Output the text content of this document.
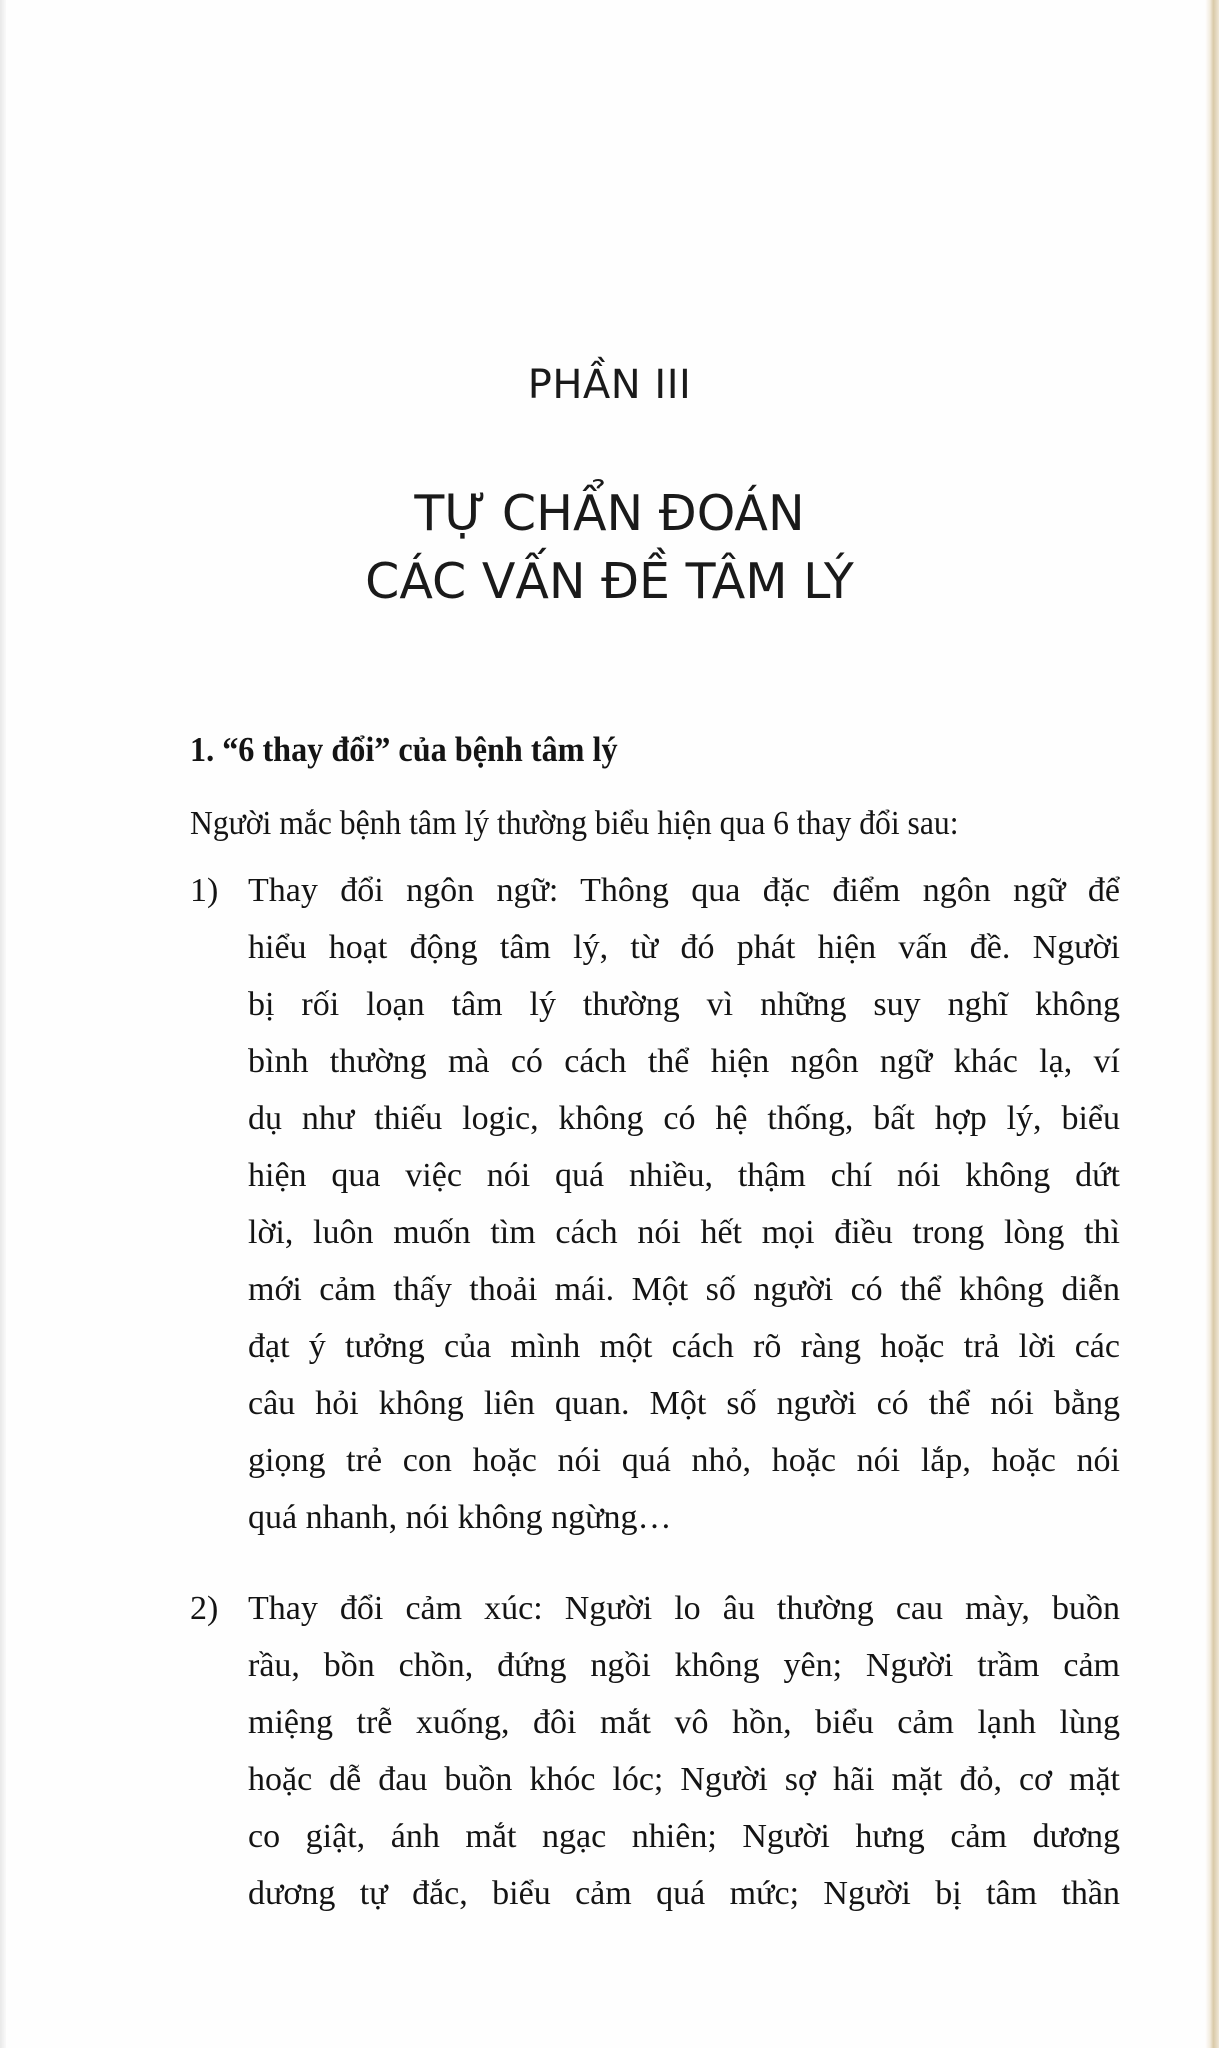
PHẦN III
TỰ CHẨN ĐOÁN
CÁC VẤN ĐỀ TÂM LÝ
1. “6 thay đổi” của bệnh tâm lý
Người mắc bệnh tâm lý thường biểu hiện qua 6 thay đổi sau:
1) Thay đổi ngôn ngữ: Thông qua đặc điểm ngôn ngữ để
hiểu hoạt động tâm lý, từ đó phát hiện vấn đề. Người
bị rối loạn tâm lý thường vì những suy nghĩ không
bình thường mà có cách thể hiện ngôn ngữ khác lạ, ví
dụ như thiếu logic, không có hệ thống, bất hợp lý, biểu
hiện qua việc nói quá nhiều, thậm chí nói không dứt
lời, luôn muốn tìm cách nói hết mọi điều trong lòng thì
mới cảm thấy thoải mái. Một số người có thể không diễn
đạt ý tưởng của mình một cách rõ ràng hoặc trả lời các
câu hỏi không liên quan. Một số người có thể nói bằng
giọng trẻ con hoặc nói quá nhỏ, hoặc nói lắp, hoặc nói
quá nhanh, nói không ngừng…
2) Thay đổi cảm xúc: Người lo âu thường cau mày, buồn
rầu, bồn chồn, đứng ngồi không yên; Người trầm cảm
miệng trễ xuống, đôi mắt vô hồn, biểu cảm lạnh lùng
hoặc dễ đau buồn khóc lóc; Người sợ hãi mặt đỏ, cơ mặt
co giật, ánh mắt ngạc nhiên; Người hưng cảm dương
dương tự đắc, biểu cảm quá mức; Người bị tâm thần
